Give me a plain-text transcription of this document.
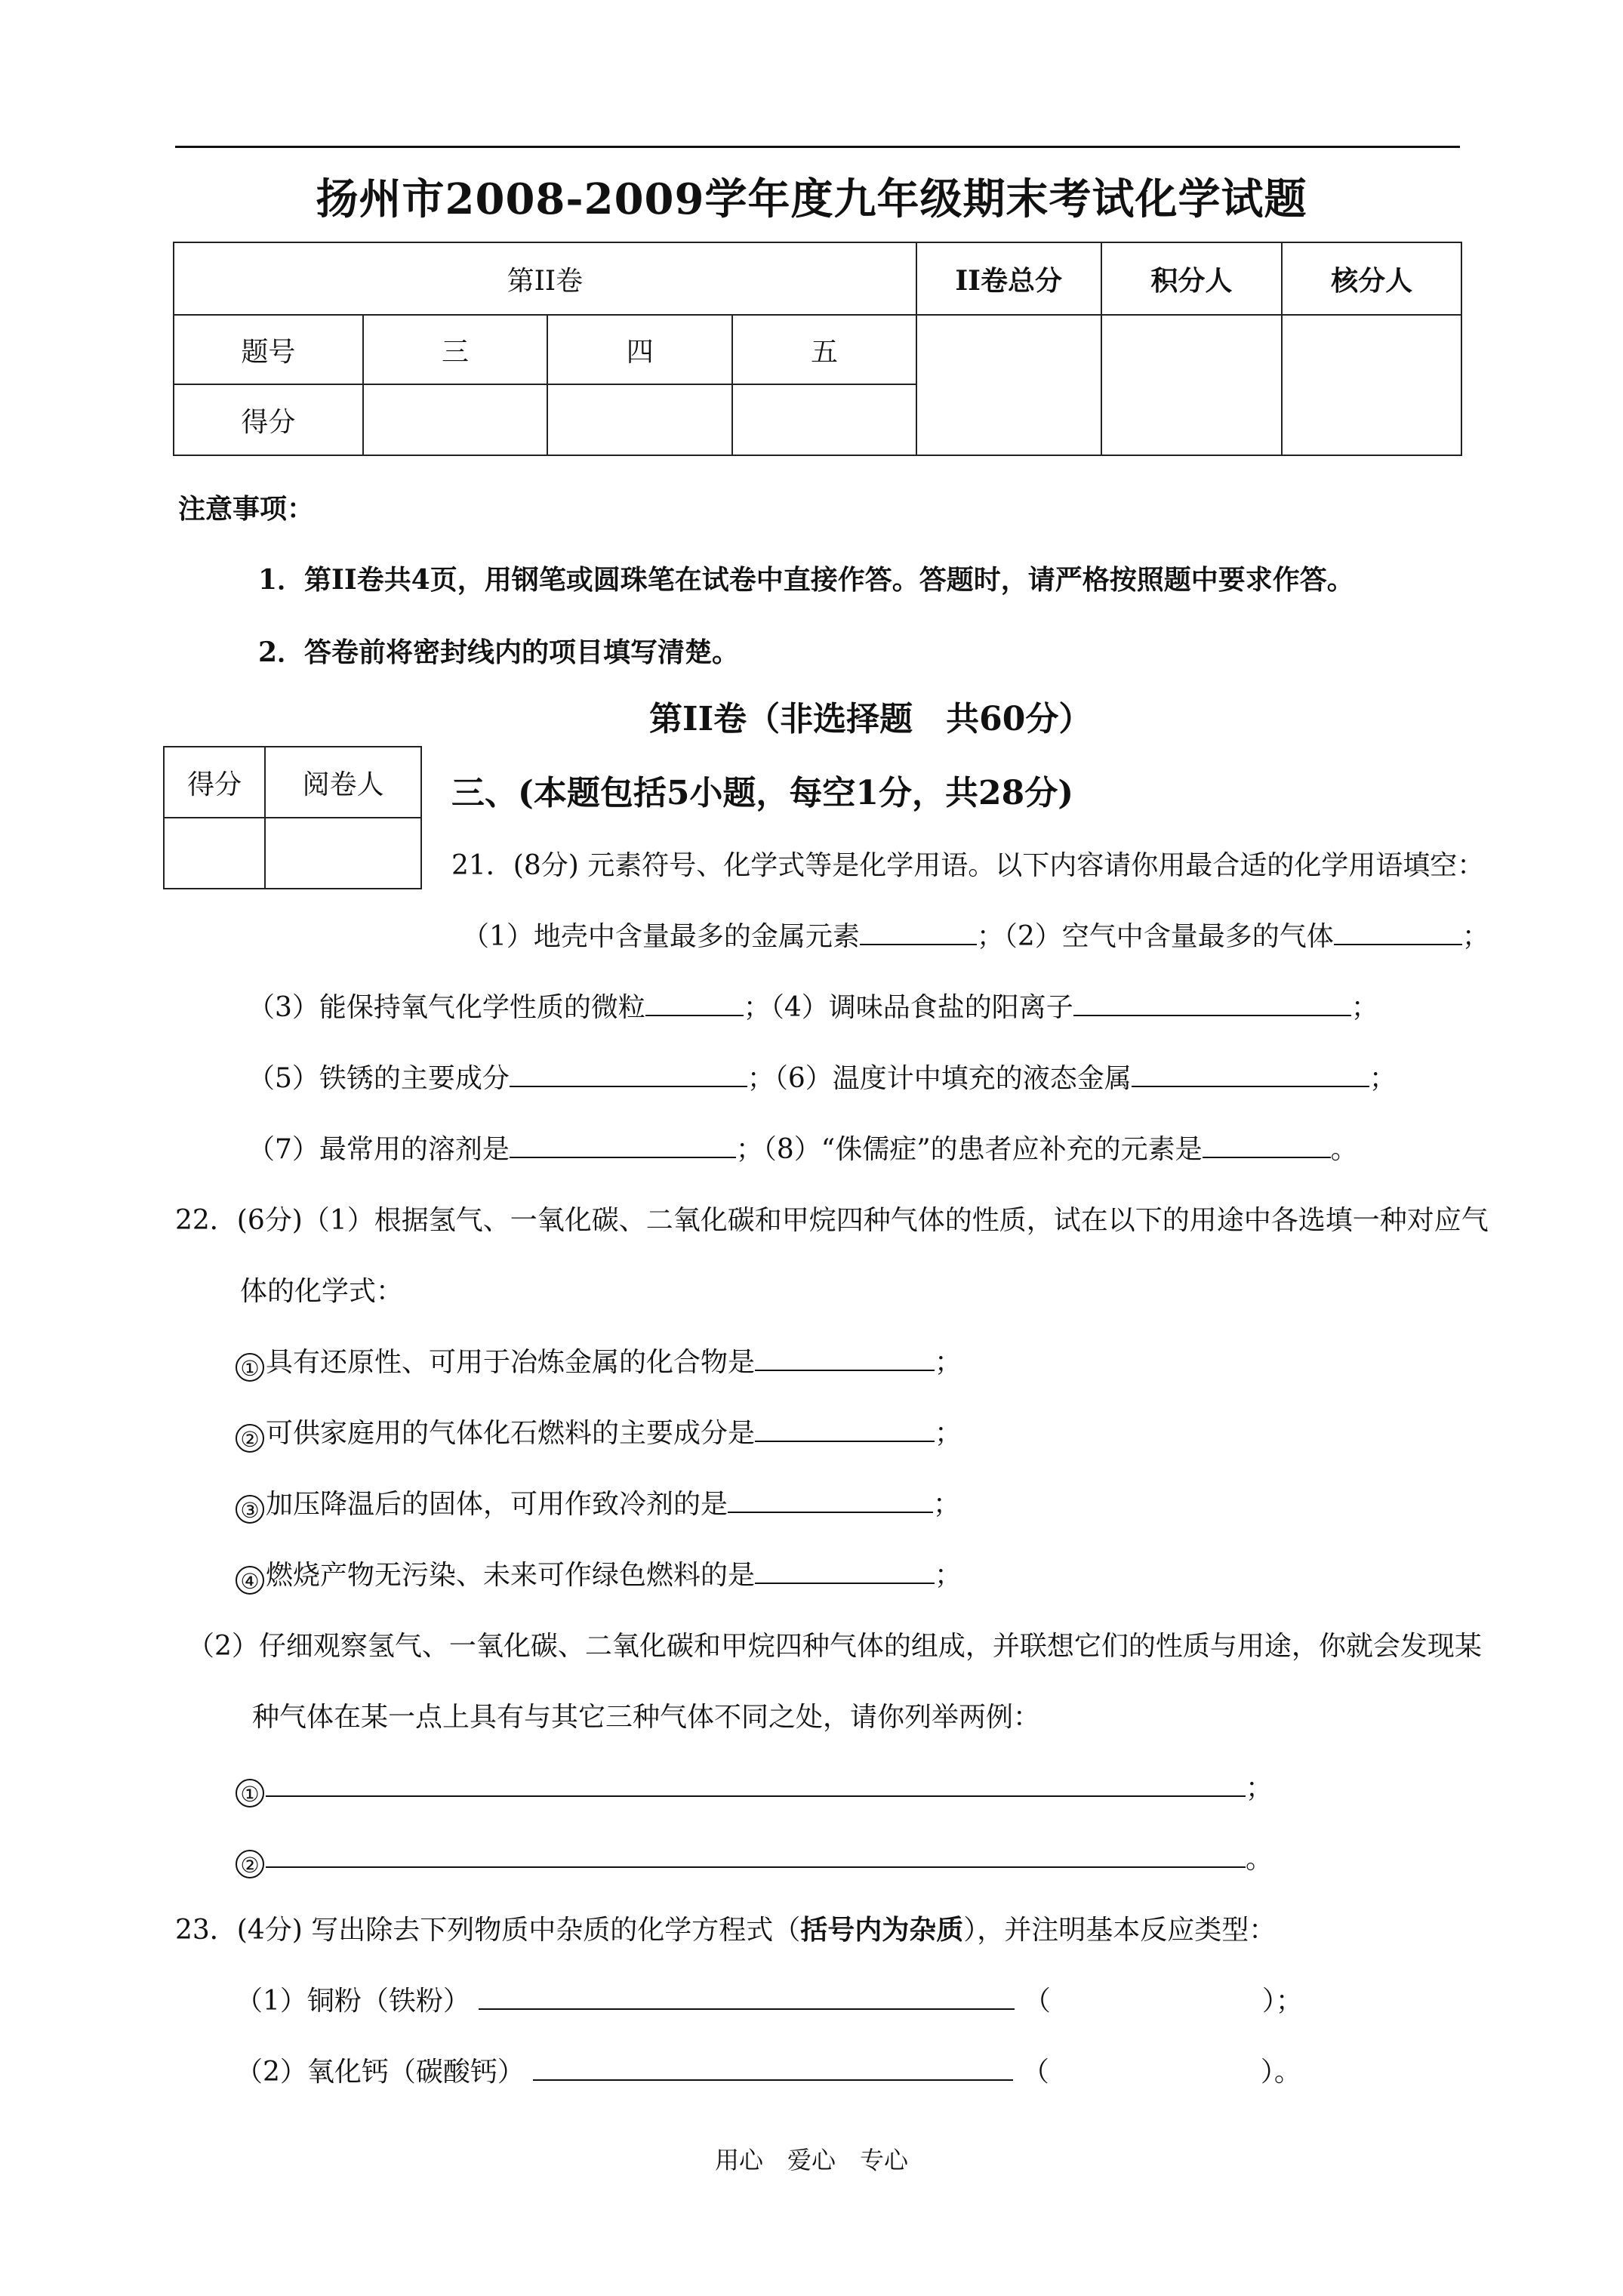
扬州市2008-2009学年度九年级期末考试化学试题
第II卷				II卷总分	积分人	核分人
题号	三	四	五			
得分						
注意事项：
1．第II卷共4页，用钢笔或圆珠笔在试卷中直接作答。答题时，请严格按照题中要求作答。
2．答卷前将密封线内的项目填写清楚。
第II卷（非选择题　共60分）
得分	阅卷人
	三、(本题包括5小题，每空1分，共28分)
21．(8分) 元素符号、化学式等是化学用语。以下内容请你用最合适的化学用语填空：
（1）地壳中含量最多的金属元素	；（2）空气中含量最多的气体	；
（3）能保持氧气化学性质的微粒	；（4）调味品食盐的阳离子	；
（5）铁锈的主要成分	；（6）温度计中填充的液态金属	；
（7）最常用的溶剂是	；（8）“侏儒症”的患者应补充的元素是	。
22．(6分)（1）根据氢气、一氧化碳、二氧化碳和甲烷四种气体的性质，试在以下的用途中各选填一种对应气
体的化学式：
① 具有还原性、可用于冶炼金属的化合物是	；
② 可供家庭用的气体化石燃料的主要成分是	；
③ 加压降温后的固体，可用作致冷剂的是	；
④ 燃烧产物无污染、未来可作绿色燃料的是	；
（2）仔细观察氢气、一氧化碳、二氧化碳和甲烷四种气体的组成，并联想它们的性质与用途，你就会发现某
种气体在某一点上具有与其它三种气体不同之处，请你列举两例：
①	；
②	。
23．(4分) 写出除去下列物质中杂质的化学方程式（括号内为杂质），并注明基本反应类型：
（1）铜粉（铁粉）	（	）；
（2）氧化钙（碳酸钙）	（	）。
用心　爱心　专心
